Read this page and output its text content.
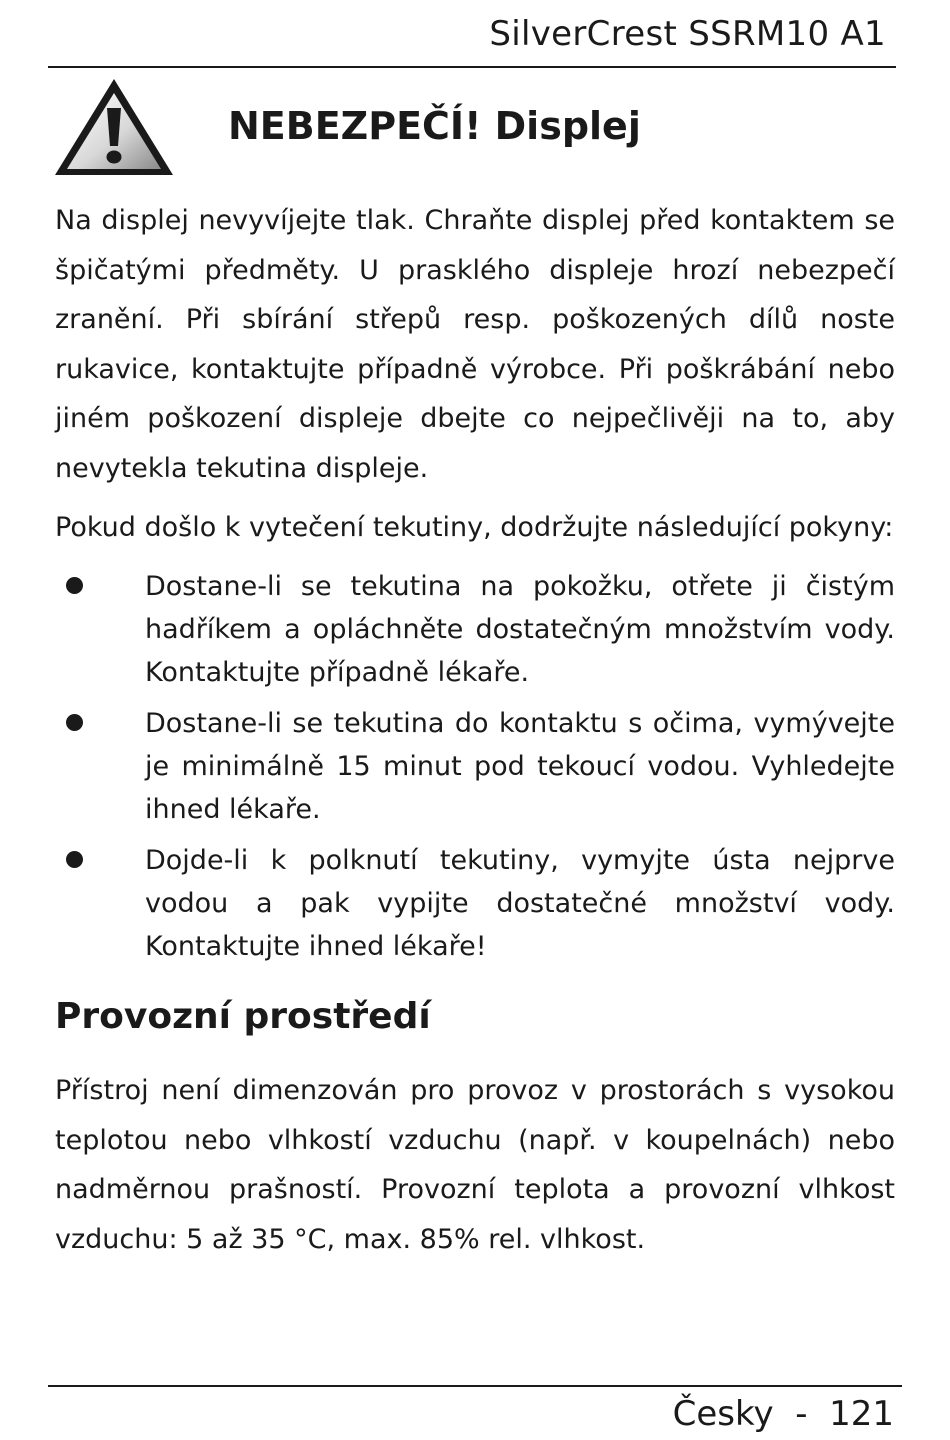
SilverCrest SSRM10 A1
NEBEZPEČÍ! Displej

Na displej nevyvíjejte tlak. Chraňte displej před kontaktem se špičatými předměty. U prasklého displeje hrozí nebezpečí zranění. Při sbírání střepů resp. poškozených dílů noste rukavice, kontaktujte případně výrobce. Při poškrábání nebo jiném poškození displeje dbejte co nejpečlivěji na to, aby nevytekla tekutina displeje.

Pokud došlo k vytečení tekutiny, dodržujte následující pokyny:

Dostane-li se tekutina na pokožku, otřete ji čistým hadříkem a opláchněte dostatečným množstvím vody. Kontaktujte případně lékaře.
Dostane-li se tekutina do kontaktu s očima, vymývejte je minimálně 15 minut pod tekoucí vodou. Vyhledejte ihned lékaře.
Dojde-li k polknutí tekutiny, vymyjte ústa nejprve vodou a pak vypijte dostatečné množství vody. Kontaktujte ihned lékaře!
Provozní prostředí

Přístroj není dimenzován pro provoz v prostorách s vysokou teplotou nebo vlhkostí vzduchu (např. v koupelnách) nebo nadměrnou prašností. Provozní teplota a provozní vlhkost vzduchu: 5 až 35 °C, max. 85% rel. vlhkost.

Česky  -  121
